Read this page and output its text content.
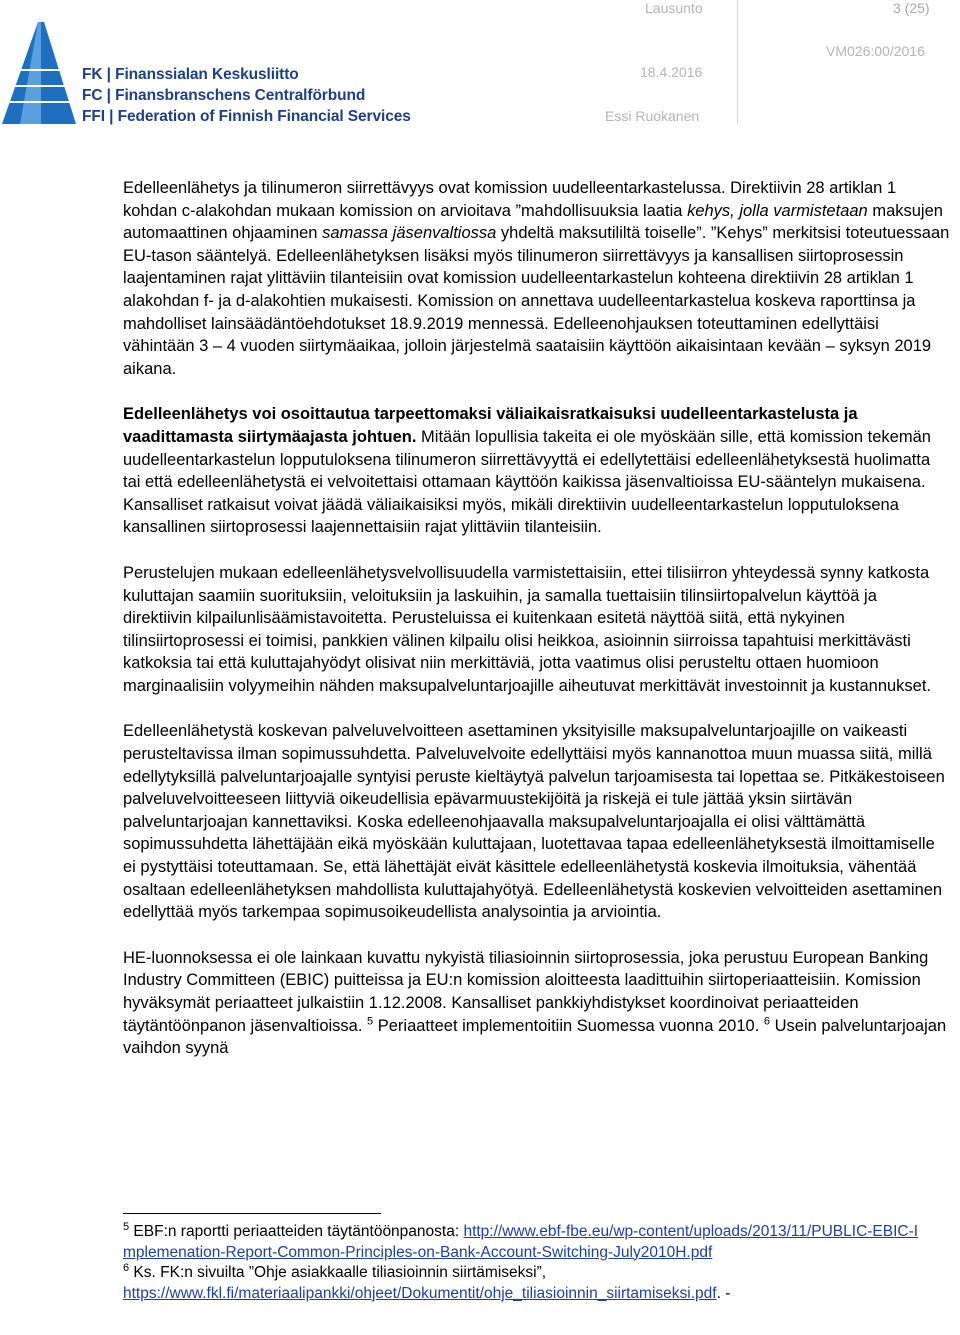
FK | Finanssialan Keskusliitto
FC | Finansbranschens Centralförbund
FFI | Federation of Finnish Financial Services
Lausunto	3 (25)
18.4.2016
VM026:00/2016
Essi Ruokanen

Edelleenlähetys ja tilinumeron siirrettävyys ovat komission uudelleentarkastelussa. Direktiivin 28 artiklan 1 kohdan c-alakohdan mukaan komission on arvioitava ”mahdollisuuksia laatia kehys, jolla varmistetaan maksujen automaattinen ohjaaminen samassa jäsenvaltiossa yhdeltä maksutililtä toiselle”. ”Kehys” merkitsisi toteutuessaan EU-tason sääntelyä. Edelleenlähetyksen lisäksi myös tilinumeron siirrettävyys ja kansallisen siirtoprosessin laajentaminen rajat ylittäviin tilanteisiin ovat komission uudelleentarkastelun kohteena direktiivin 28 artiklan 1 alakohdan f- ja d-alakohtien mukaisesti. Komission on annettava uudelleentarkastelua koskeva raporttinsa ja mahdolliset lainsäädäntöehdotukset 18.9.2019 mennessä. Edelleenohjauksen toteuttaminen edellyttäisi vähintään 3 – 4 vuoden siirtymäaikaa, jolloin järjestelmä saataisiin käyttöön aikaisintaan kevään – syksyn 2019 aikana.

Edelleenlähetys voi osoittautua tarpeettomaksi väliaikaisratkaisuksi uudelleentarkastelusta ja vaadittamasta siirtymäajasta johtuen. Mitään lopullisia takeita ei ole myöskään sille, että komission tekemän uudelleentarkastelun lopputuloksena tilinumeron siirrettävyyttä ei edellytettäisi edelleenlähetyksestä huolimatta tai että edelleenlähetystä ei velvoitettaisi ottamaan käyttöön kaikissa jäsenvaltioissa EU-sääntelyn mukaisena. Kansalliset ratkaisut voivat jäädä väliaikaisiksi myös, mikäli direktiivin uudelleentarkastelun lopputuloksena kansallinen siirtoprosessi laajennettaisiin rajat ylittäviin tilanteisiin.

Perustelujen mukaan edelleenlähetysvelvollisuudella varmistettaisiin, ettei tilisiirron yhteydessä synny katkosta kuluttajan saamiin suorituksiin, veloituksiin ja laskuihin, ja samalla tuettaisiin tilinsiirtopalvelun käyttöä ja direktiivin kilpailunlisäämistavoitetta. Perusteluissa ei kuitenkaan esitetä näyttöä siitä, että nykyinen tilinsiirtoprosessi ei toimisi, pankkien välinen kilpailu olisi heikkoa, asioinnin siirroissa tapahtuisi merkittävästi katkoksia tai että kuluttajahyödyt olisivat niin merkittäviä, jotta vaatimus olisi perusteltu ottaen huomioon marginaalisiin volyymeihin nähden maksupalveluntarjoajille aiheutuvat merkittävät investoinnit ja kustannukset.

Edelleenlähetystä koskevan palveluvelvoitteen asettaminen yksityisille maksupalveluntarjoajille on vaikeasti perusteltavissa ilman sopimussuhdetta. Palveluvelvoite edellyttäisi myös kannanottoa muun muassa siitä, millä edellytyksillä palveluntarjoajalle syntyisi peruste kieltäytyä palvelun tarjoamisesta tai lopettaa se. Pitkäkestoiseen palveluvelvoitteeseen liittyviä oikeudellisia epävarmuustekijöitä ja riskejä ei tule jättää yksin siirtävän palveluntarjoajan kannettaviksi. Koska edelleenohjaavalla maksupalveluntarjoajalla ei olisi välttämättä sopimussuhdetta lähettäjään eikä myöskään kuluttajaan, luotettavaa tapaa edelleenlähetyksestä ilmoittamiselle ei pystyttäisi toteuttamaan. Se, että lähettäjät eivät käsittele edelleenlähetystä koskevia ilmoituksia, vähentää osaltaan edelleenlähetyksen mahdollista kuluttajahyötyä. Edelleenlähetystä koskevien velvoitteiden asettaminen edellyttää myös tarkempaa sopimusoikeudellista analysointia ja arviointia.

HE-luonnoksessa ei ole lainkaan kuvattu nykyistä tiliasioinnin siirtoprosessia, joka perustuu European Banking Industry Committeen (EBIC) puitteissa ja EU:n komission aloitteesta laadittuihin siirtoperiaatteisiin. Komission hyväksymät periaatteet julkaistiin 1.12.2008. Kansalliset pankkiyhdistykset koordinoivat periaatteiden täytäntöönpanon jäsenvaltioissa. $^5$ Periaatteet implementoitiin Suomessa vuonna 2010. $^6$ Usein palveluntarjoajan vaihdon syynä

$^5$ EBF:n raportti periaatteiden täytäntöönpanosta: http://www.ebf-fbe.eu/wp-content/uploads/2013/11/PUBLIC-EBIC-Implemenation-Report-Common-Principles-on-Bank-Account-Switching-July2010H.pdf
$^6$ Ks. FK:n sivuilta ”Ohje asiakkaalle tiliasioinnin siirtämiseksi”, https://www.fkl.fi/materiaalipankki/ohjeet/Dokumentit/ohje_tiliasioinnin_siirtamiseksi.pdf. -
